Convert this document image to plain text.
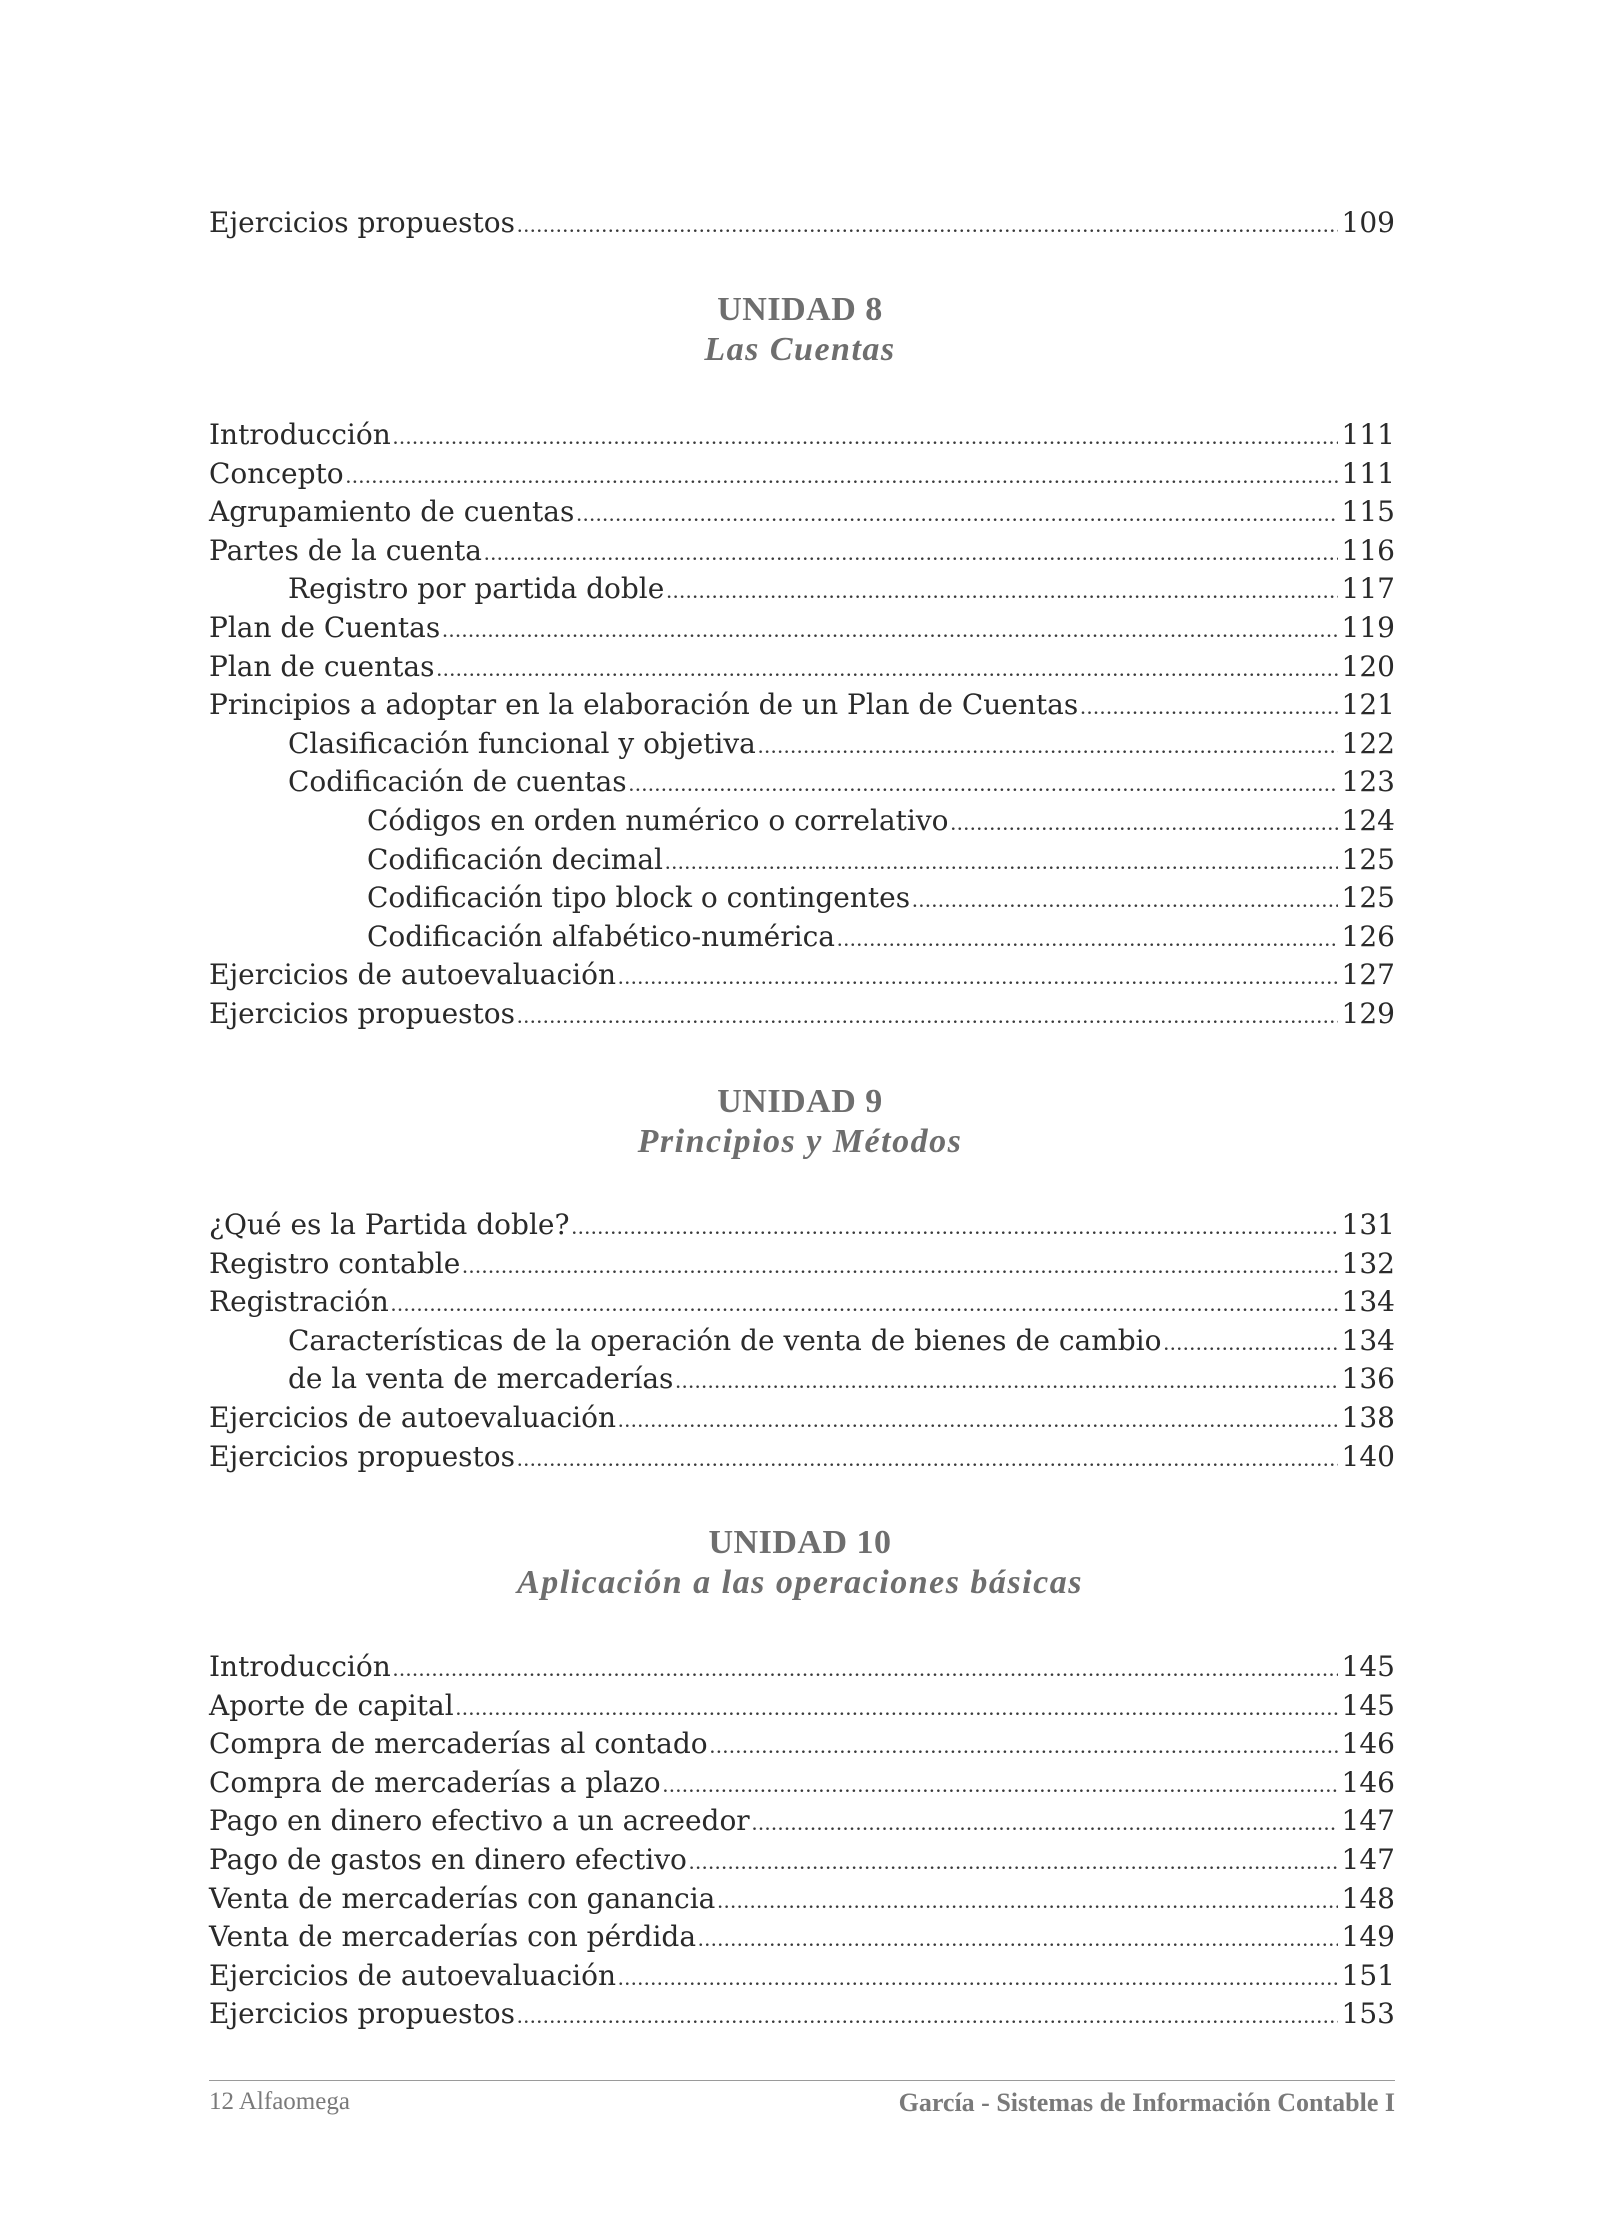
Ejercicios propuestos .....	109
UNIDAD 8
Las Cuentas
Introducción .....	111
Concepto .....	111
Agrupamiento de cuentas .....	115
Partes de la cuenta .....	116
Registro por partida doble .....	117
Plan de Cuentas .....	119
Plan de cuentas .....	120
Principios a adoptar en la elaboración de un Plan de Cuentas .....	121
Clasificación funcional y objetiva .....	122
Codificación de cuentas .....	123
Códigos en orden numérico o correlativo .....	124
Codificación decimal .....	125
Codificación tipo block o contingentes .....	125
Codificación alfabético-numérica .....	126
Ejercicios de autoevaluación .....	127
Ejercicios propuestos .....	129
UNIDAD 9
Principios y Métodos
¿Qué es la Partida doble? .....	131
Registro contable .....	132
Registración .....	134
Características de la operación de venta de bienes de cambio .....	134
de la venta de mercaderías .....	136
Ejercicios de autoevaluación .....	138
Ejercicios propuestos .....	140
UNIDAD 10
Aplicación a las operaciones básicas
Introducción .....	145
Aporte de capital .....	145
Compra de mercaderías al contado .....	146
Compra de mercaderías a plazo .....	146
Pago en dinero efectivo a un acreedor .....	147
Pago de gastos en dinero efectivo .....	147
Venta de mercaderías con ganancia .....	148
Venta de mercaderías con pérdida .....	149
Ejercicios de autoevaluación .....	151
Ejercicios propuestos .....	153
12 Alfaomega	García - Sistemas de Información Contable I
